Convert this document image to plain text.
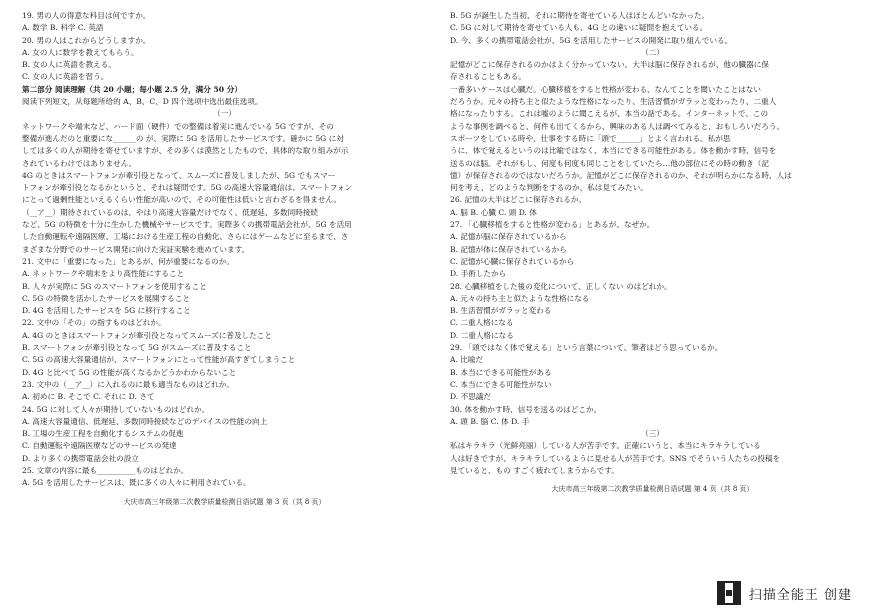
19. 男の人の得意な科目は何ですか。
A. 数学 B. 科学 C. 英語
20. 男の人はこれからどうしますか。
A. 女の人に数学を教えてもらう。
B. 女の人に英語を教える。
C. 女の人に英語を習う。
第二部分 阅读理解（共 20 小题；每小题 2.5 分，满分 50 分）
阅读下列短文，从每题所给的 A、B、C、D 四个选项中选出最佳选项。
（一）
ネットワークや端末など、ハード面（硬件）での整備は着実に進んでいる 5G ですが、その
整備が進んだのと重要にな______の が、実際に 5G を活用したサービスです。確かに 5G に対
しては多くの人が期待を寄せていますが、その多くは漠然としたもので、具体的な取り組みが示
されているわけではありません。
4G のときはスマートフォンが牽引役となって、スムーズに普及しましたが、5G でもスマー
トフォンが牽引役となるかというと、それは疑問です。5G の高速大容量通信は、スマートフォン
にとって過剰性能といえるくらい性能が高いので、その可能性は低いと言わざるを得ません。
（__ア__）期待されているのは、やはり高速大容量だけでなく、低遅延、多数同時接続
など、5G の特徴を十分に生かした機械やサービスです。実際多くの携帯電話会社が、5G を活用
した自動運転や遠隔医療、工場における生産工程の自動化、さらにはゲームなどに至るまで、さ
まざまな分野でのサービス開発に向けた実証実験を進めています。
21. 文中に「重要になった」とあるが、何が重要になるのか。
A. ネットワークや端末をより高性能にすること
B. 人々が実際に 5G のスマートフォンを使用すること
C. 5G の特徴を活かしたサービスを展開すること
D. 4G を活用したサービスを 5G に移行すること
22. 文中の「その」の指すものはどれか。
A. 4G のときはスマートフォンが牽引役となってスムーズに普及したこと
B. スマートフォンが牽引役となって 5G がスムーズに普及すること
C. 5G の高速大容量通信が、スマートフォンにとって性能が高すぎてしまうこと
D. 4G と比べて 5G の性能が高くなるかどうかわからないこと
23. 文中の（__ア__）に入れるのに最も適当なものはどれか。
A. 初めに B. そこで C. それに D. さて
24. 5G に対して人々が期待していないものはどれか。
A. 高速大容量通信、低遅延、多数同時接続などのデバイスの性能の向上
B. 工場の生産工程を自動化するシステムの促進
C. 自動運転や遠隔医療などのサービスの発達
D. より多くの携帯電話会社の設立
25. 文章の内容に最も__________ものはどれか。
A. 5G を活用したサービスは、既に多くの人々に利用されている。
大庆市高三年级第二次教学质量检测日语试题 第 3 页（共 8 页）
B. 5G が誕生した当初、それに期待を寄せている人はほとんどいなかった。
C. 5G に対して期待を寄せている人も、4G との違いに疑問を抱えている。
D. 今、多くの携帯電話会社が、5G を活用したサービスの開発に取り組んでいる。
（二）
記憶がどこに保存されるのかはよく分かっていない。大半は脳に保存されるが、他の臓器に保
存されることもある。
一番多いケースは心臓だ。心臓移植をすると性格が変わる、なんてことを聞いたことはない
だろうか。元々の持ち主と似たような性格になったり、生活習慣がガラッと変わったり、二重人
格になったりする。これは嘘のように聞こえるが、本当の話である。インターネットで、この
ような事例を調べると、何件も出てくるから、興味のある人は調べてみると、おもしろいだろう。
スポーツをしている時や、仕事をする時に「頭で______」とよく言われる。私が思
うに、体で覚えるというのは比喩ではなく、本当にできる可能性がある。体を動かす時、信号を
送るのは脳。それがもし、何度も何度も同じことをしていたら…他の部位にその時の動き（記
憶）が保存されるのではないだろうか。記憶がどこに保存されるのか、それが明らかになる時、人は
何を考え、どのような判断をするのか、私は見てみたい。
26. 記憶の大半はどこに保存されるか。
A. 脳 B. 心臓 C. 頭 D. 体
27. 「心臓移植をすると性格が変わる」とあるが、なぜか。
A. 記憶が脳に保存されているから
B. 記憶が体に保存されているから
C. 記憶が心臓に保存されているから
D. 手術したから
28. 心臓移植をした後の変化について、正しくない のはどれか。
A. 元々の持ち主と似たような性格になる
B. 生活習慣がガラッと変わる
C. 二重人格になる
D. 二重人格になる
29. 「頭ではなく体で覚える」という言葉について、筆者はどう思っているか。
A. 比喩だ
B. 本当にできる可能性がある
C. 本当にできる可能性がない
D. 不思議だ
30. 体を動かす時、信号を送るのはどこか。
A. 頭 B. 脳 C. 体 D. 手
（三）
私はキラキラ（光鲜亮丽）している人が苦手です。正確にいうと、本当にキラキラしている
人は好きですが、キラキラしているように見せる人が苦手です。SNS でそういう人たちの投稿を
見ていると、もの すごく疲れてしまうからです。
大庆市高三年级第二次教学质量检测日语试题 第 4 页（共 8 页）
扫描全能王 创建
